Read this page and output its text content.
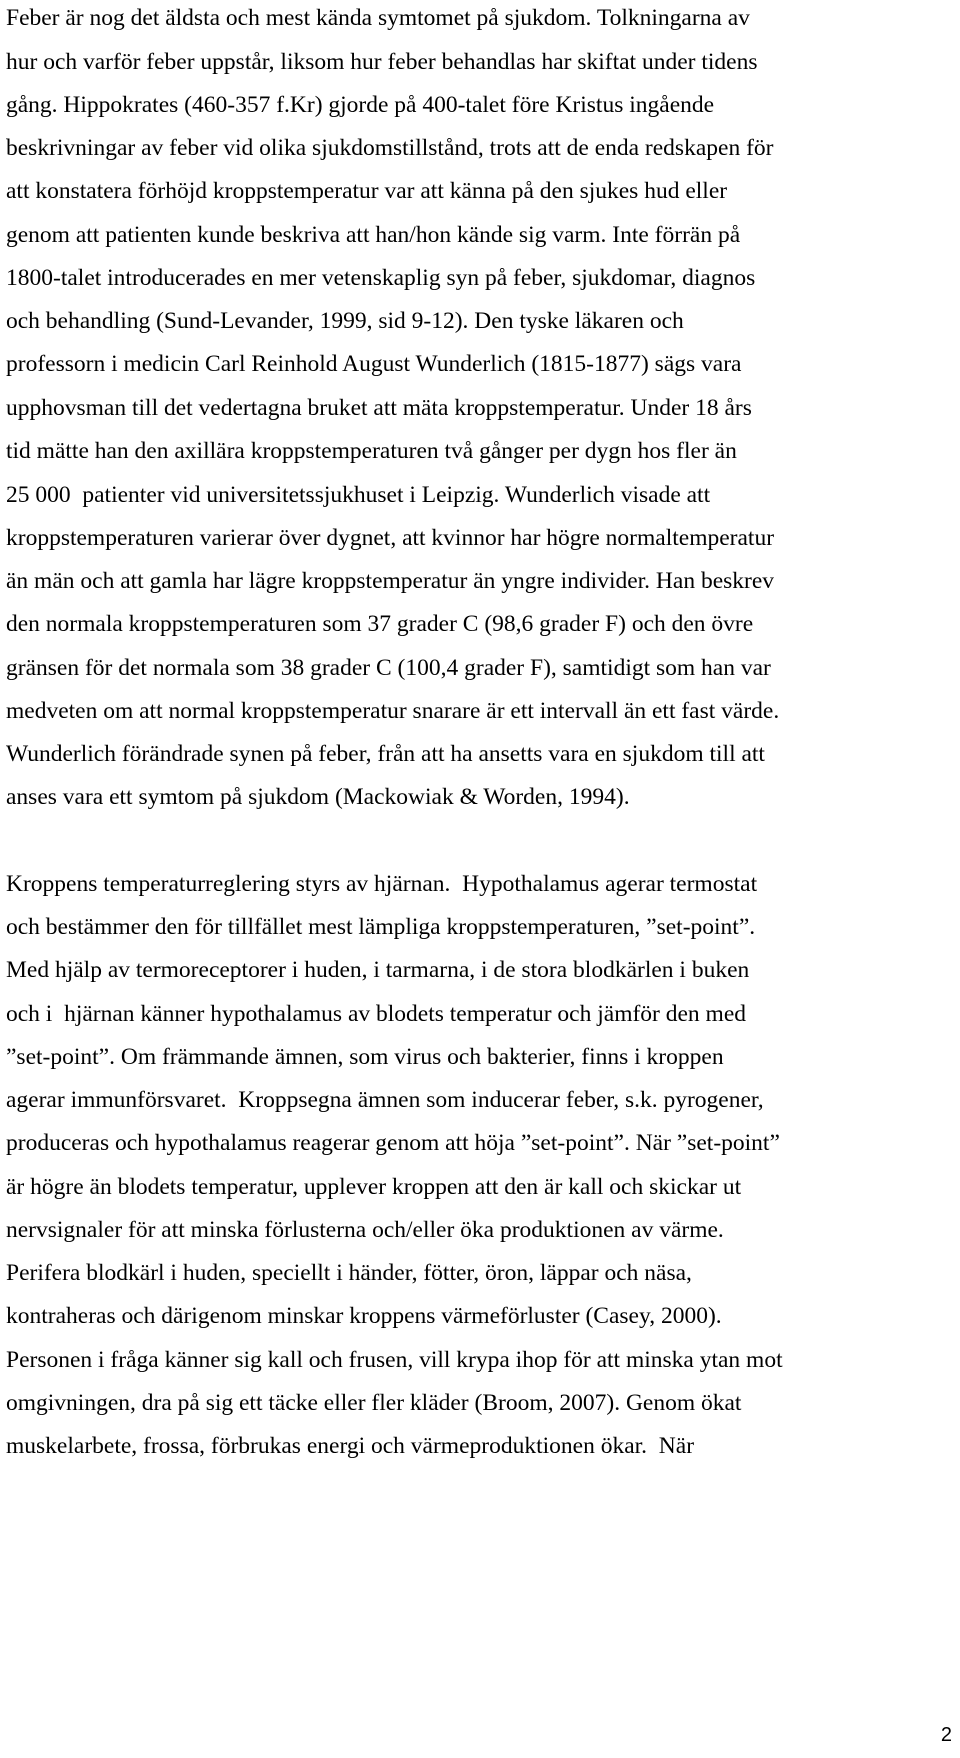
Feber är nog det äldsta och mest kända symtomet på sjukdom. Tolkningarna av
hur och varför feber uppstår, liksom hur feber behandlas har skiftat under tidens
gång. Hippokrates (460-357 f.Kr) gjorde på 400-talet före Kristus ingående
beskrivningar av feber vid olika sjukdomstillstånd, trots att de enda redskapen för
att konstatera förhöjd kroppstemperatur var att känna på den sjukes hud eller
genom att patienten kunde beskriva att han/hon kände sig varm. Inte förrän på
1800-talet introducerades en mer vetenskaplig syn på feber, sjukdomar, diagnos
och behandling (Sund-Levander, 1999, sid 9-12). Den tyske läkaren och
professorn i medicin Carl Reinhold August Wunderlich (1815-1877) sägs vara
upphovsman till det vedertagna bruket att mäta kroppstemperatur. Under 18 års
tid mätte han den axillära kroppstemperaturen två gånger per dygn hos fler än
25 000  patienter vid universitetssjukhuset i Leipzig. Wunderlich visade att
kroppstemperaturen varierar över dygnet, att kvinnor har högre normaltemperatur
än män och att gamla har lägre kroppstemperatur än yngre individer. Han beskrev
den normala kroppstemperaturen som 37 grader C (98,6 grader F) och den övre
gränsen för det normala som 38 grader C (100,4 grader F), samtidigt som han var
medveten om att normal kroppstemperatur snarare är ett intervall än ett fast värde.
Wunderlich förändrade synen på feber, från att ha ansetts vara en sjukdom till att
anses vara ett symtom på sjukdom (Mackowiak & Worden, 1994).
Kroppens temperaturreglering styrs av hjärnan.  Hypothalamus agerar termostat
och bestämmer den för tillfället mest lämpliga kroppstemperaturen, ”set-point”.
Med hjälp av termoreceptorer i huden, i tarmarna, i de stora blodkärlen i buken
och i  hjärnan känner hypothalamus av blodets temperatur och jämför den med
”set-point”. Om främmande ämnen, som virus och bakterier, finns i kroppen
agerar immunförsvaret.  Kroppsegna ämnen som inducerar feber, s.k. pyrogener,
produceras och hypothalamus reagerar genom att höja ”set-point”. När ”set-point”
är högre än blodets temperatur, upplever kroppen att den är kall och skickar ut
nervsignaler för att minska förlusterna och/eller öka produktionen av värme.
Perifera blodkärl i huden, speciellt i händer, fötter, öron, läppar och näsa,
kontraheras och därigenom minskar kroppens värmeförluster (Casey, 2000).
Personen i fråga känner sig kall och frusen, vill krypa ihop för att minska ytan mot
omgivningen, dra på sig ett täcke eller fler kläder (Broom, 2007). Genom ökat
muskelarbete, frossa, förbrukas energi och värmeproduktionen ökar.  När
2
